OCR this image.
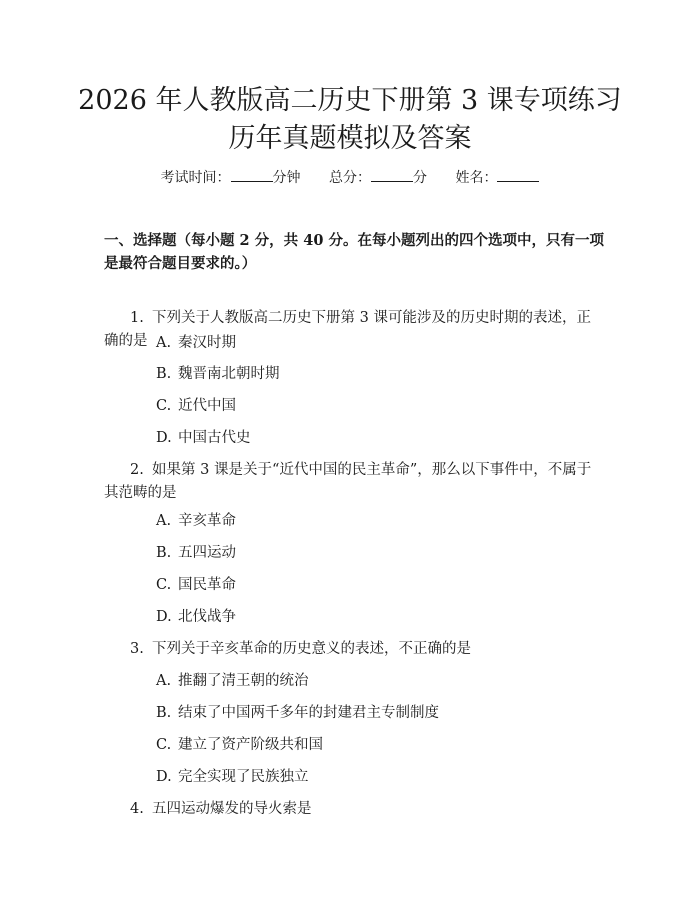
2026 年人教版高二历史下册第 3 课专项练习
历年真题模拟及答案
考试时间：	分钟 总分：	分 姓名：

一、选择题（每小题 2 分，共 40 分。在每小题列出的四个选项中，只有一项是最符合题目要求的。）

1. 下列关于人教版高二历史下册第 3 课可能涉及的历史时期的表述，正确的是 A. 秦汉时期
B. 魏晋南北朝时期
C. 近代中国
D. 中国古代史

2. 如果第 3 课是关于“近代中国的民主革命”，那么以下事件中，不属于其范畴的是

A. 辛亥革命
B. 五四运动
C. 国民革命
D. 北伐战争

3. 下列关于辛亥革命的历史意义的表述，不正确的是

A. 推翻了清王朝的统治
B. 结束了中国两千多年的封建君主专制制度
C. 建立了资产阶级共和国
D. 完全实现了民族独立

4. 五四运动爆发的导火索是
